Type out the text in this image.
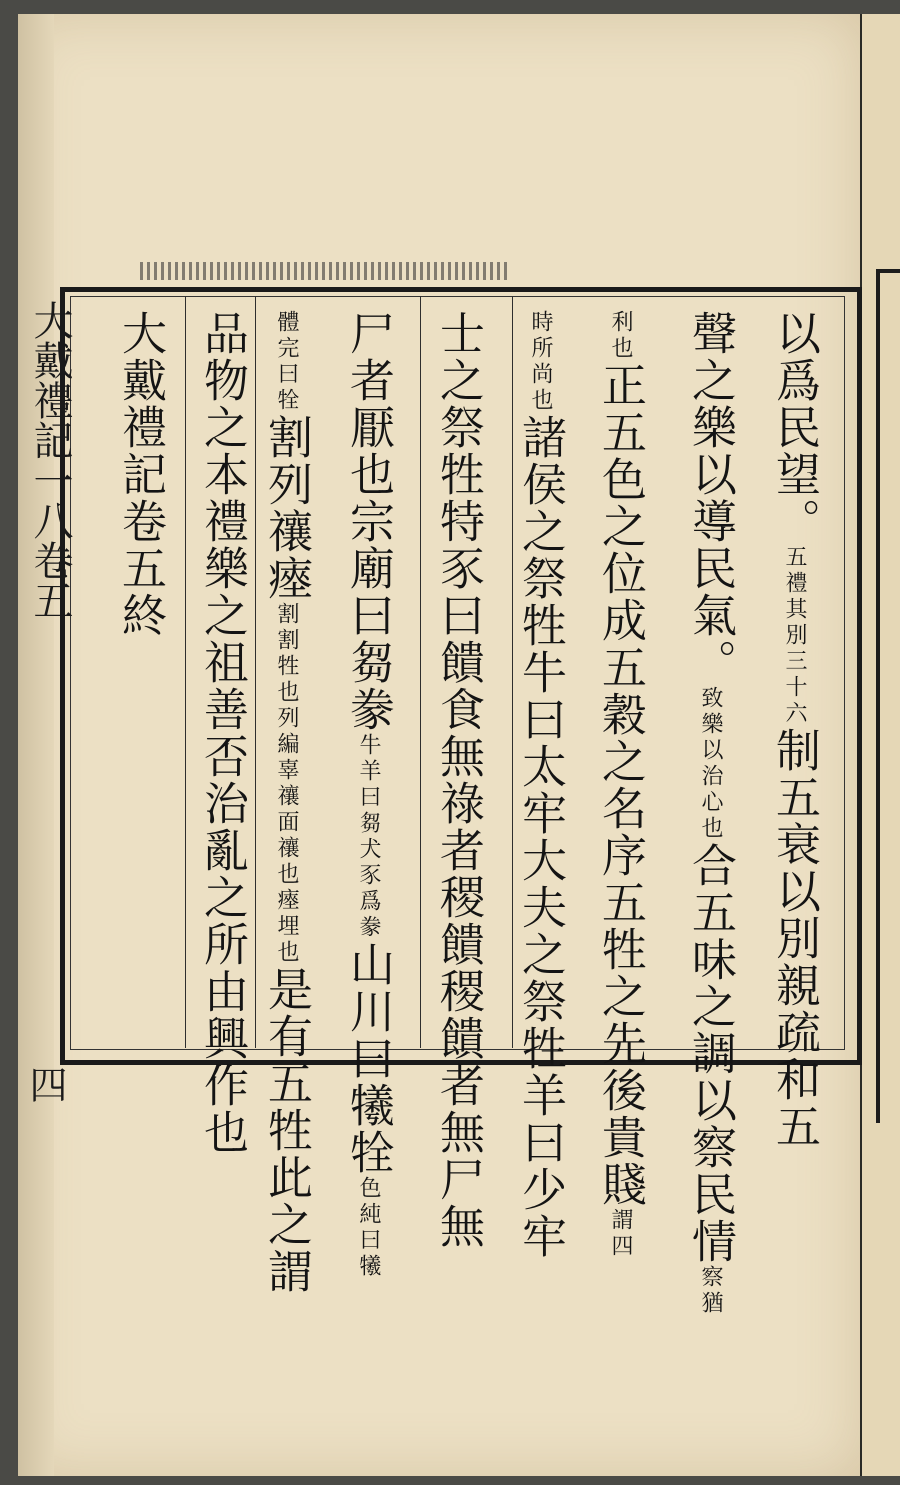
大戴禮記一八卷五
四
以爲民望。五禮其別三十六制五衰以別親疏和五
聲之樂以導民氣。致樂以治心也合五味之調以察民情察猶
利也正五色之位成五穀之名序五牲之先後貴賤謂四
時所尚也諸侯之祭牲牛曰太牢大夫之祭牲羊曰少牢
士之祭牲特豕曰饋食無祿者稷饋稷饋者無尸無
尸者厭也宗廟曰芻豢牛羊曰芻犬豕爲豢山川曰犧牷色純曰犧
體完曰牷割列禳瘞割割牲也列編辜禳面禳也瘞埋也是有五牲此之謂
品物之本禮樂之祖善否治亂之所由興作也
大戴禮記卷五終
